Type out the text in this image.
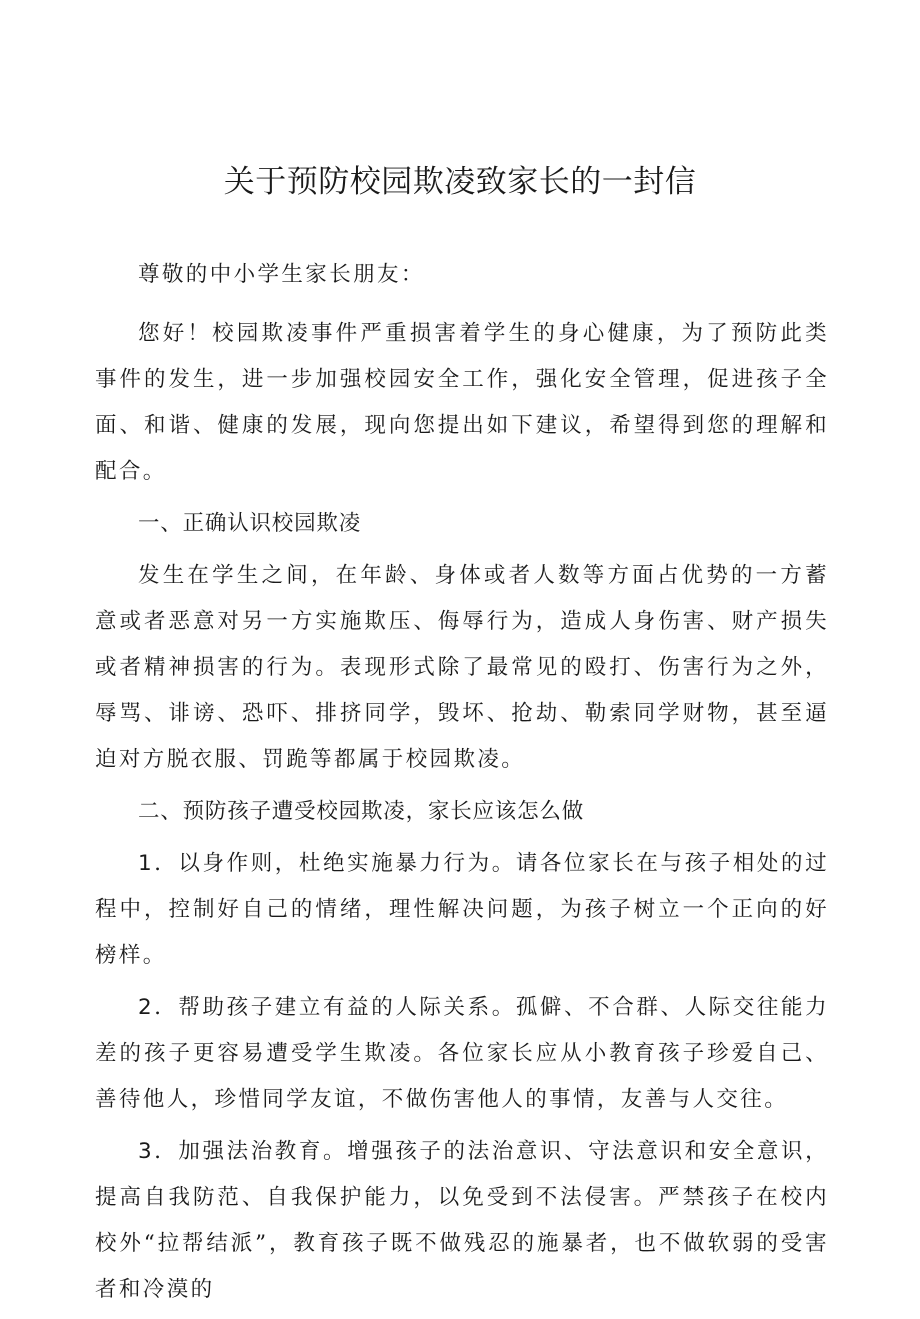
关于预防校园欺凌致家长的一封信

尊敬的中小学生家长朋友：

您好！校园欺凌事件严重损害着学生的身心健康，为了预防此类事件的发生，进一步加强校园安全工作，强化安全管理，促进孩子全面、和谐、健康的发展，现向您提出如下建议，希望得到您的理解和配合。

一、正确认识校园欺凌

发生在学生之间，在年龄、身体或者人数等方面占优势的一方蓄意或者恶意对另一方实施欺压、侮辱行为，造成人身伤害、财产损失或者精神损害的行为。表现形式除了最常见的殴打、伤害行为之外，辱骂、诽谤、恐吓、排挤同学，毁坏、抢劫、勒索同学财物，甚至逼迫对方脱衣服、罚跪等都属于校园欺凌。

二、预防孩子遭受校园欺凌，家长应该怎么做

1．以身作则，杜绝实施暴力行为。请各位家长在与孩子相处的过程中，控制好自己的情绪，理性解决问题，为孩子树立一个正向的好榜样。

2．帮助孩子建立有益的人际关系。孤僻、不合群、人际交往能力差的孩子更容易遭受学生欺凌。各位家长应从小教育孩子珍爱自己、善待他人，珍惜同学友谊，不做伤害他人的事情，友善与人交往。

3．加强法治教育。增强孩子的法治意识、守法意识和安全意识，提高自我防范、自我保护能力，以免受到不法侵害。严禁孩子在校内校外“拉帮结派”，教育孩子既不做残忍的施暴者，也不做软弱的受害者和冷漠的
